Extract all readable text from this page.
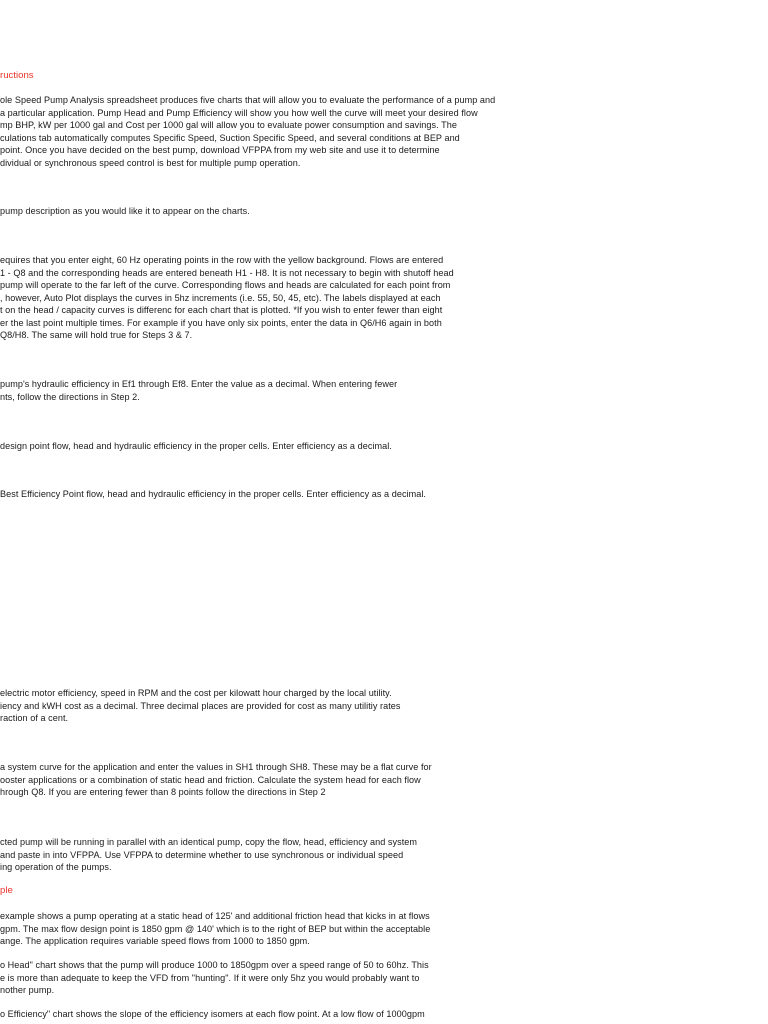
ructions
ole Speed Pump Analysis spreadsheet produces five charts that will allow you to evaluate the performance of a pump and
a particular application. Pump Head and Pump Efficiency will show you how well the curve will meet your desired flow
mp BHP, kW per 1000 gal and Cost per 1000 gal will allow you to evaluate power consumption and savings. The
culations tab automatically computes Specific Speed, Suction Specific Speed, and several conditions at BEP and
point. Once you have decided on the best pump, download VFPPA from my web site and use it to determine
dividual or synchronous speed control is best for multiple pump operation.
pump description as you would like it to appear on the charts.
equires that you enter eight, 60 Hz operating points in the row with the yellow background. Flows are entered
1 - Q8 and the corresponding heads are entered beneath H1 - H8. It is not necessary to begin with shutoff head
pump will operate to the far left of the curve. Corresponding flows and heads are calculated for each point from
, however, Auto Plot displays the curves in 5hz increments (i.e. 55, 50, 45, etc). The labels displayed at each
t on the head / capacity curves is differenc for each chart that is plotted. *If you wish to enter fewer than eight
er the last point multiple times. For example if you have only six points, enter the data in Q6/H6 again in both
Q8/H8. The same will hold true for Steps 3 & 7.
pump's hydraulic efficiency in Ef1 through Ef8. Enter the value as a decimal. When entering fewer
nts, follow the directions in Step 2.
design point flow, head and hydraulic efficiency in the proper cells. Enter efficiency as a decimal.
Best Efficiency Point flow, head and hydraulic efficiency in the proper cells. Enter efficiency as a decimal.
electric motor efficiency, speed in RPM and the cost per kilowatt hour charged by the local utility.
iency and kWH cost as a decimal. Three decimal places are provided for cost as many utilitiy rates
raction of a cent.
a system curve for the application and enter the values in SH1 through SH8. These may be a flat curve for
ooster applications or a combination of static head and friction. Calculate the system head for each flow
hrough Q8. If you are entering fewer than 8 points follow the directions in Step 2
cted pump will be running in parallel with an identical pump, copy the flow, head, efficiency and system
and paste in into VFPPA. Use VFPPA to determine whether to use synchronous or individual speed
ing operation of the pumps.
ple
example shows a pump operating at a static head of 125' and additional friction head that kicks in at flows
gpm. The max flow design point is 1850 gpm @ 140' which is to the right of BEP but within the acceptable
ange. The application requires variable speed flows from 1000 to 1850 gpm.
o Head" chart shows that the pump will produce 1000 to 1850gpm over a speed range of 50 to 60hz. This
e is more than adequate to keep the VFD from "hunting". If it were only 5hz you would probably want to
nother pump.
o Efficiency" chart shows the slope of the efficiency isomers at each flow point. At a low flow of 1000gpm
